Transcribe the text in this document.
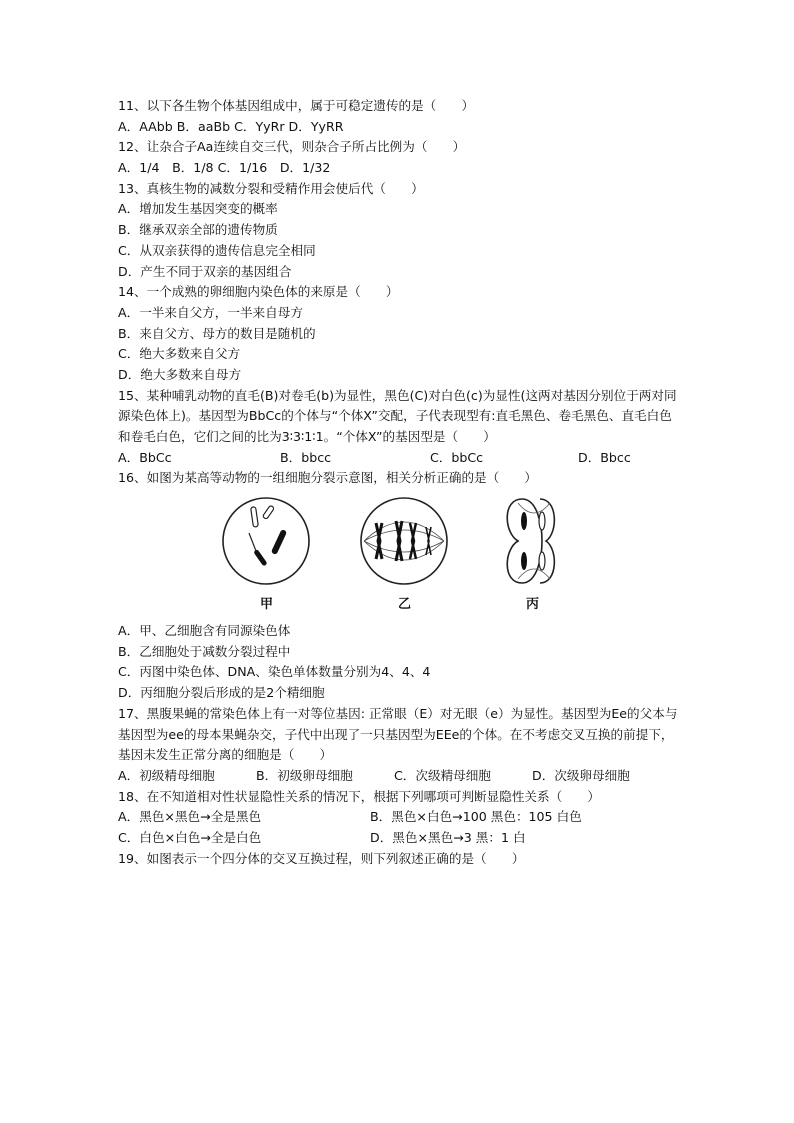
11、以下各生物个体基因组成中，属于可稳定遗传的是（　　）
A．AAbb B．aaBb C．YyRr D．YyRR
12、让杂合子Aa连续自交三代，则杂合子所占比例为（　　）
A．1/4　B．1/8 C．1/16　D．1/32
13、真核生物的减数分裂和受精作用会使后代（　　）
A．增加发生基因突变的概率
B．继承双亲全部的遗传物质
C．从双亲获得的遗传信息完全相同
D．产生不同于双亲的基因组合
14、一个成熟的卵细胞内染色体的来原是（　　）
A．一半来自父方，一半来自母方
B．来自父方、母方的数目是随机的
C．绝大多数来自父方
D．绝大多数来自母方
15、某种哺乳动物的直毛(B)对卷毛(b)为显性，黑色(C)对白色(c)为显性(这两对基因分别位于两对同源染色体上)。基因型为BbCc的个体与“个体X”交配，子代表现型有:直毛黑色、卷毛黑色、直毛白色和卷毛白色，它们之间的比为3∶3∶1∶1。“个体X”的基因型是（　　）
A．BbCc	B．bbcc	C．bbCc	D．Bbcc
16、如图为某高等动物的一组细胞分裂示意图，相关分析正确的是（　　）
甲	乙	丙
A．甲、乙细胞含有同源染色体
B．乙细胞处于减数分裂过程中
C．丙图中染色体、DNA、染色单体数量分别为4、4、4
D．丙细胞分裂后形成的是2个精细胞
17、黑腹果蝇的常染色体上有一对等位基因: 正常眼（E）对无眼（e）为显性。基因型为Ee的父本与基因型为ee的母本果蝇杂交，子代中出现了一只基因型为EEe的个体。在不考虑交叉互换的前提下，基因未发生正常分离的细胞是（　　）
A．初级精母细胞	B．初级卵母细胞	C．次级精母细胞	D．次级卵母细胞
18、在不知道相对性状显隐性关系的情况下，根据下列哪项可判断显隐性关系（　　）
A．黑色×黑色→全是黑色	B．黑色×白色→100 黑色：105 白色
C．白色×白色→全是白色	D．黑色×黑色→3 黑：1 白
19、如图表示一个四分体的交叉互换过程，则下列叙述正确的是（　　）
